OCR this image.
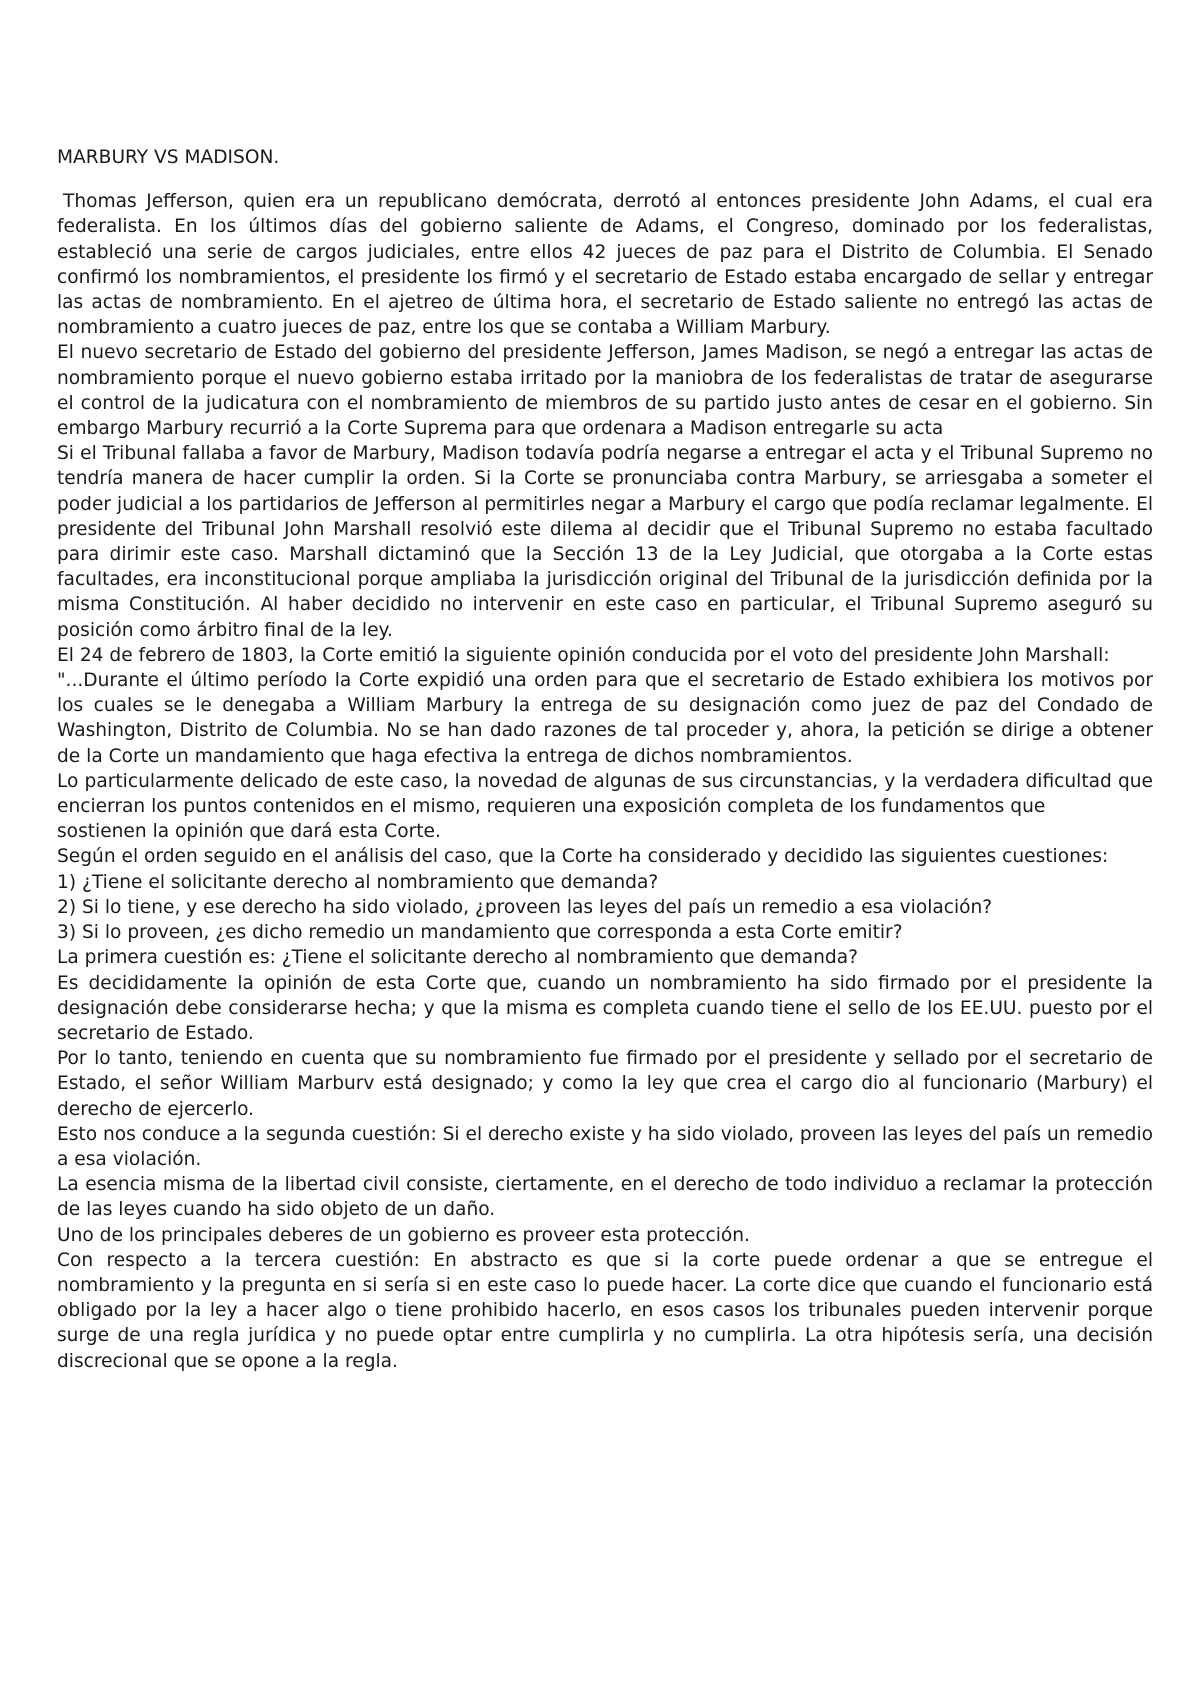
MARBURY VS MADISON.

Thomas Jefferson, quien era un republicano demócrata, derrotó al entonces presidente John Adams, el cual era federalista. En los últimos días del gobierno saliente de Adams, el Congreso, dominado por los federalistas, estableció una serie de cargos judiciales, entre ellos 42 jueces de paz para el Distrito de Columbia. El Senado confirmó los nombramientos, el presidente los firmó y el secretario de Estado estaba encargado de sellar y entregar las actas de nombramiento. En el ajetreo de última hora, el secretario de Estado saliente no entregó las actas de nombramiento a cuatro jueces de paz, entre los que se contaba a William Marbury.

El nuevo secretario de Estado del gobierno del presidente Jefferson, James Madison, se negó a entregar las actas de nombramiento porque el nuevo gobierno estaba irritado por la maniobra de los federalistas de tratar de asegurarse el control de la judicatura con el nombramiento de miembros de su partido justo antes de cesar en el gobierno. Sin embargo Marbury recurrió a la Corte Suprema para que ordenara a Madison entregarle su acta

Si el Tribunal fallaba a favor de Marbury, Madison todavía podría negarse a entregar el acta y el Tribunal Supremo no tendría manera de hacer cumplir la orden. Si la Corte se pronunciaba contra Marbury, se arriesgaba a someter el poder judicial a los partidarios de Jefferson al permitirles negar a Marbury el cargo que podía reclamar legalmente. El presidente del Tribunal John Marshall resolvió este dilema al decidir que el Tribunal Supremo no estaba facultado para dirimir este caso. Marshall dictaminó que la Sección 13 de la Ley Judicial, que otorgaba a la Corte estas facultades, era inconstitucional porque ampliaba la jurisdicción original del Tribunal de la jurisdicción definida por la misma Constitución. Al haber decidido no intervenir en este caso en particular, el Tribunal Supremo aseguró su posición como árbitro final de la ley.

El 24 de febrero de 1803, la Corte emitió la siguiente opinión conducida por el voto del presidente John Marshall:

"...Durante el último período la Corte expidió una orden para que el secretario de Estado exhibiera los motivos por los cuales se le denegaba a William Marbury la entrega de su designación como juez de paz del Condado de Washington, Distrito de Columbia. No se han dado razones de tal proceder y, ahora, la petición se dirige a obtener de la Corte un mandamiento que haga efectiva la entrega de dichos nombramientos.

Lo particularmente delicado de este caso, la novedad de algunas de sus circunstancias, y la verdadera dificultad que encierran los puntos contenidos en el mismo, requieren una exposición completa de los fundamentos que

sostienen la opinión que dará esta Corte.

Según el orden seguido en el análisis del caso, que la Corte ha considerado y decidido las siguientes cuestiones:

1) ¿Tiene el solicitante derecho al nombramiento que demanda?

2) Si lo tiene, y ese derecho ha sido violado, ¿proveen las leyes del país un remedio a esa violación?

3) Si lo proveen, ¿es dicho remedio un mandamiento que corresponda a esta Corte emitir?

La primera cuestión es: ¿Tiene el solicitante derecho al nombramiento que demanda?

Es decididamente la opinión de esta Corte que, cuando un nombramiento ha sido firmado por el presidente la designación debe considerarse hecha; y que la misma es completa cuando tiene el sello de los EE.UU. puesto por el secretario de Estado.

Por lo tanto, teniendo en cuenta que su nombramiento fue firmado por el presidente y sellado por el secretario de Estado, el señor William Marburv está designado; y como la ley que crea el cargo dio al funcionario (Marbury) el derecho de ejercerlo.

Esto nos conduce a la segunda cuestión: Si el derecho existe y ha sido violado, proveen las leyes del país un remedio a esa violación.

La esencia misma de la libertad civil consiste, ciertamente, en el derecho de todo individuo a reclamar la protección de las leyes cuando ha sido objeto de un daño.

Uno de los principales deberes de un gobierno es proveer esta protección.

Con respecto a la tercera cuestión: En abstracto es que si la corte puede ordenar a que se entregue el nombramiento y la pregunta en si sería si en este caso lo puede hacer. La corte dice que cuando el funcionario está obligado por la ley a hacer algo o tiene prohibido hacerlo, en esos casos los tribunales pueden intervenir porque surge de una regla jurídica y no puede optar entre cumplirla y no cumplirla. La otra hipótesis sería, una decisión discrecional que se opone a la regla.
